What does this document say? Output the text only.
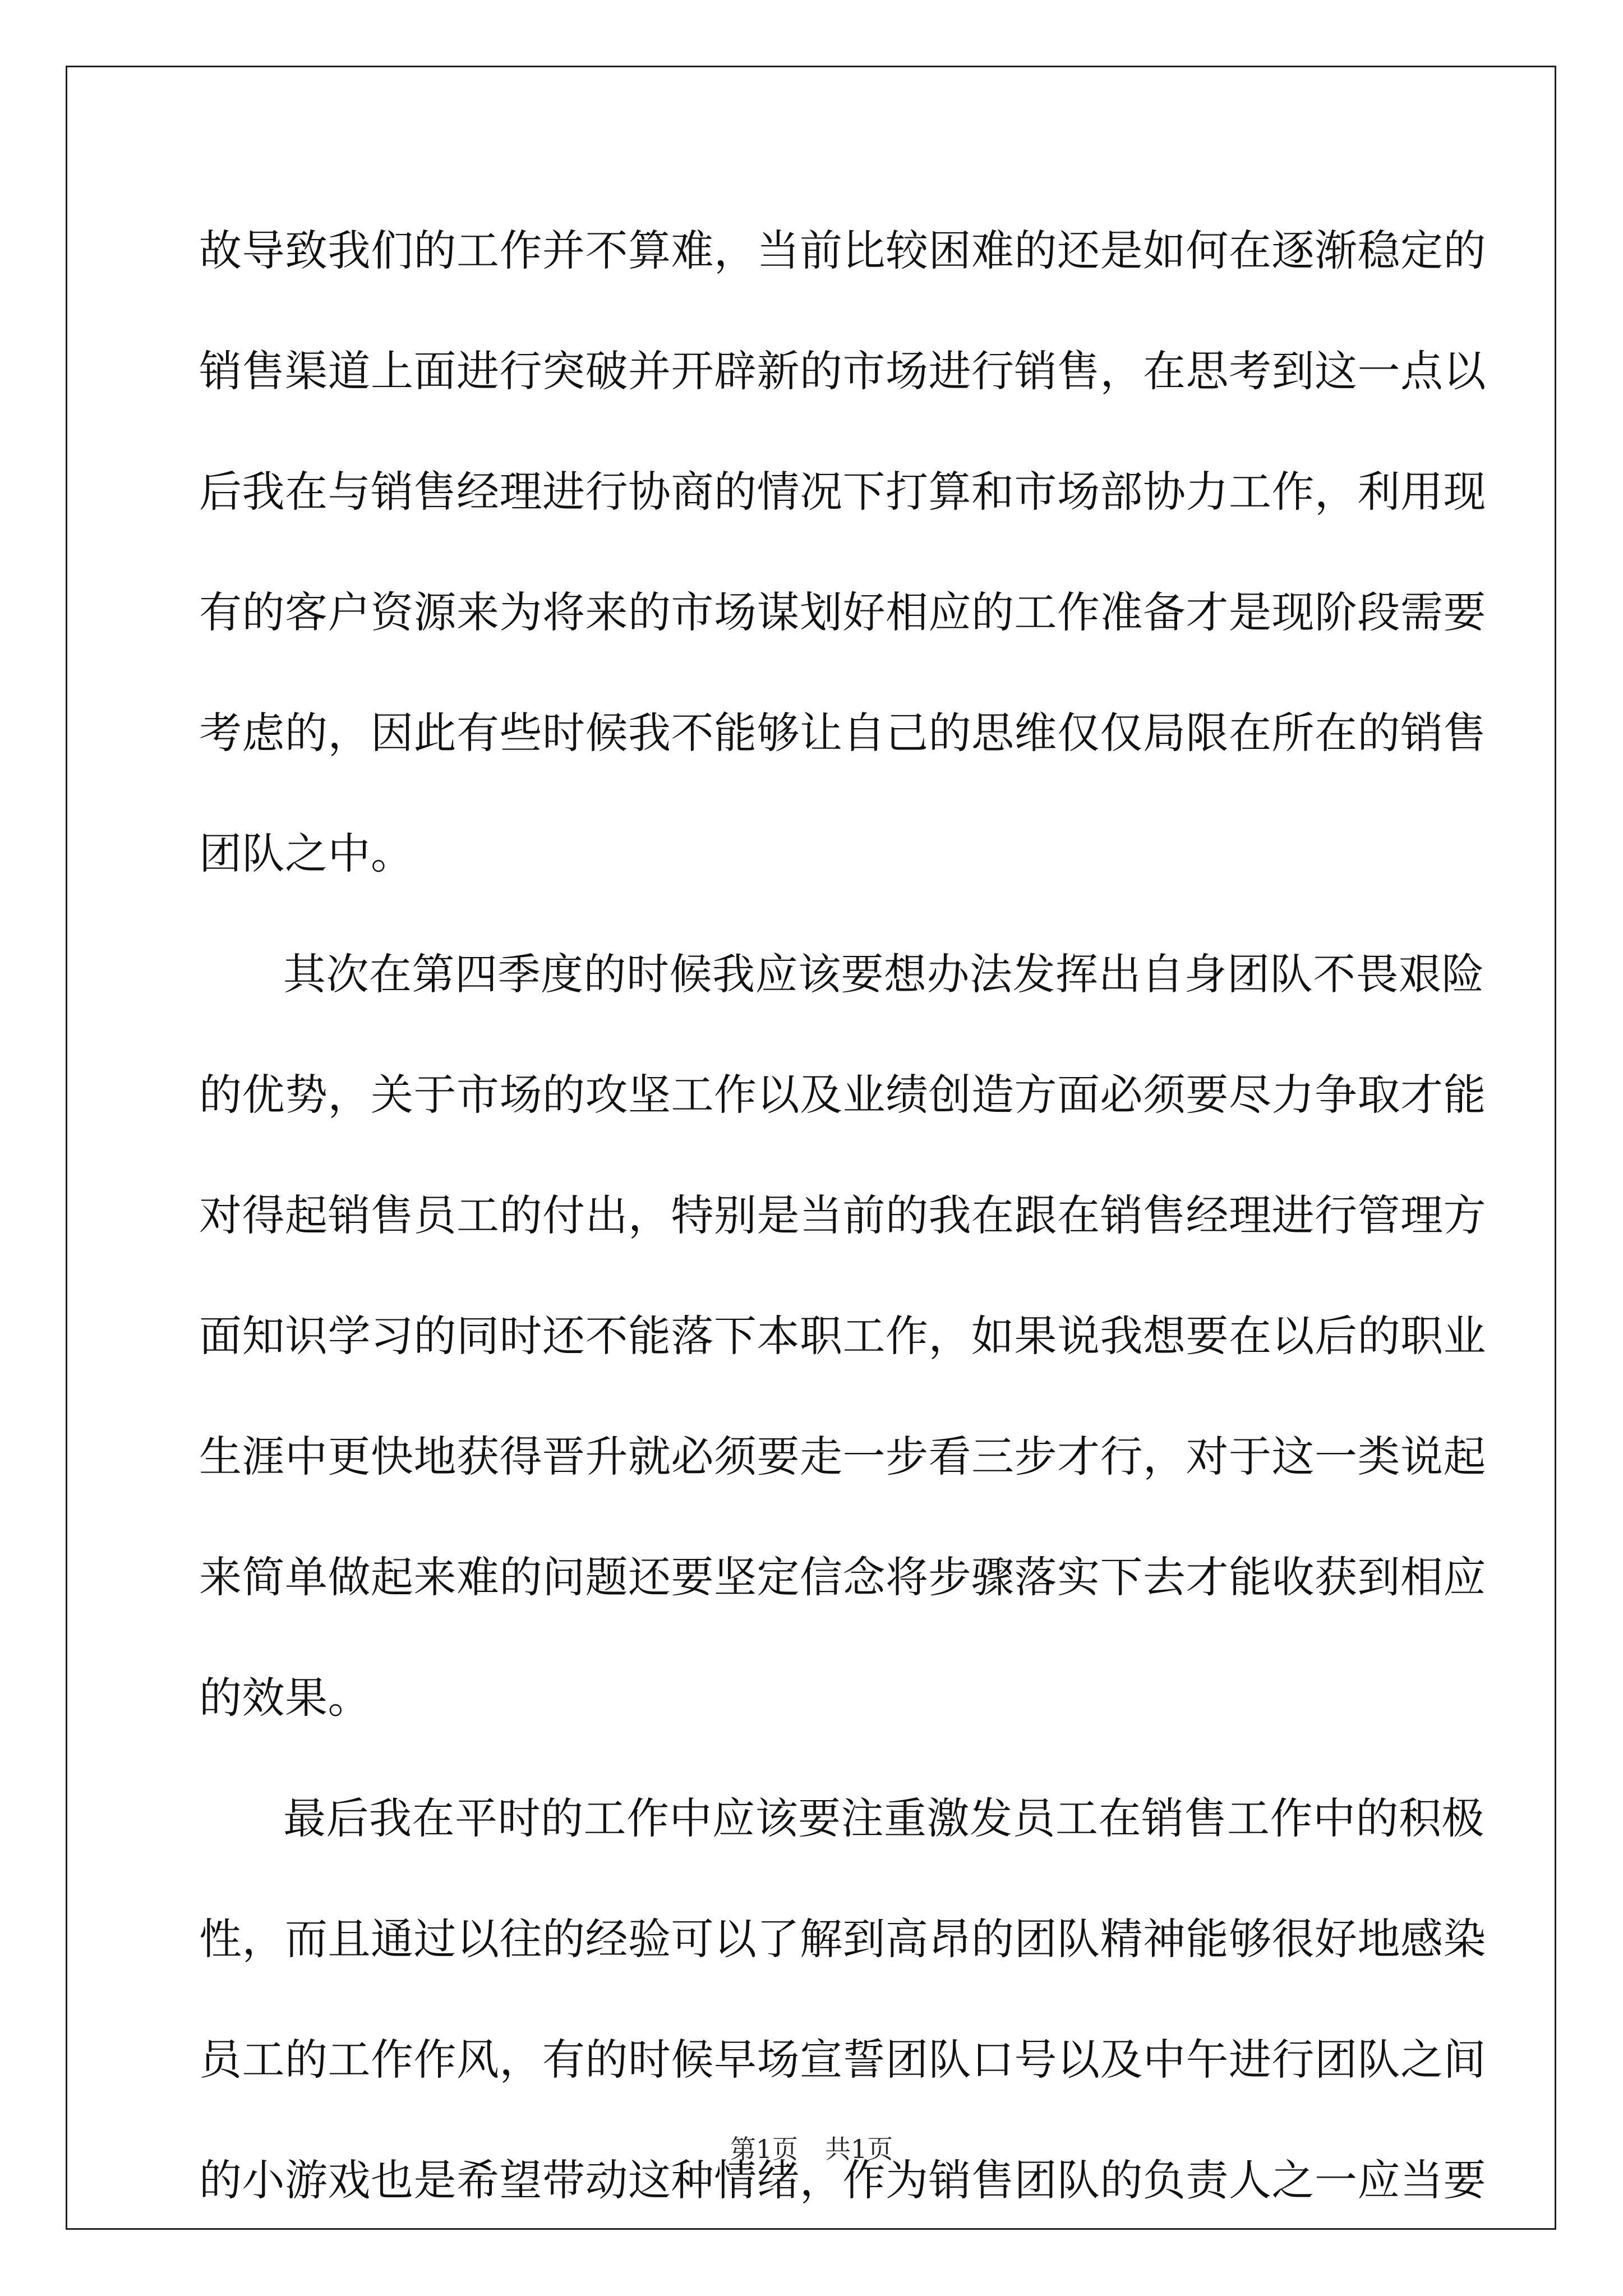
故导致我们的工作并不算难，当前比较困难的还是如何在逐渐稳定的
销售渠道上面进行突破并开辟新的市场进行销售，在思考到这一点以
后我在与销售经理进行协商的情况下打算和市场部协力工作，利用现
有的客户资源来为将来的市场谋划好相应的工作准备才是现阶段需要
考虑的，因此有些时候我不能够让自己的思维仅仅局限在所在的销售
团队之中。
其次在第四季度的时候我应该要想办法发挥出自身团队不畏艰险
的优势，关于市场的攻坚工作以及业绩创造方面必须要尽力争取才能
对得起销售员工的付出，特别是当前的我在跟在销售经理进行管理方
面知识学习的同时还不能落下本职工作，如果说我想要在以后的职业
生涯中更快地获得晋升就必须要走一步看三步才行，对于这一类说起
来简单做起来难的问题还要坚定信念将步骤落实下去才能收获到相应
的效果。
最后我在平时的工作中应该要注重激发员工在销售工作中的积极
性，而且通过以往的经验可以了解到高昂的团队精神能够很好地感染
员工的工作作风，有的时候早场宣誓团队口号以及中午进行团队之间
的小游戏也是希望带动这种情绪，作为销售团队的负责人之一应当要
第1页 共1页
